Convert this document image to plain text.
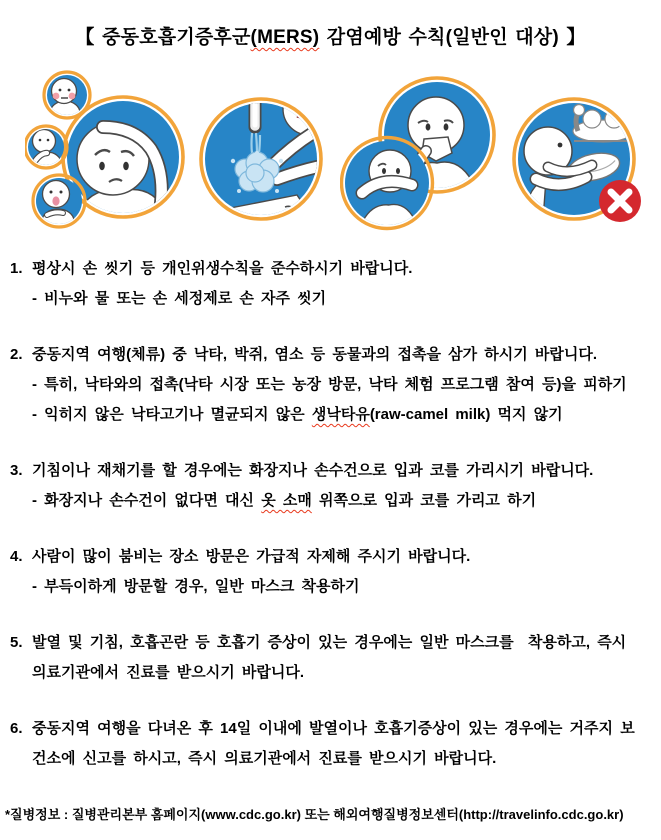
【 중동호흡기증후군(MERS) 감염예방 수칙(일반인 대상) 】
1. 평상시 손 씻기 등 개인위생수칙을 준수하시기 바랍니다.
- 비누와 물 또는 손 세정제로 손 자주 씻기
2. 중동지역 여행(체류) 중 낙타, 박쥐, 염소 등 동물과의 접촉을 삼가 하시기 바랍니다.
- 특히, 낙타와의 접촉(낙타 시장 또는 농장 방문, 낙타 체험 프로그램 참여 등)을 피하기
- 익히지 않은 낙타고기나 멸균되지 않은 생낙타유(raw-camel milk) 먹지 않기
3. 기침이나 재채기를 할 경우에는 화장지나 손수건으로 입과 코를 가리시기 바랍니다.
- 화장지나 손수건이 없다면 대신 옷 소매 위쪽으로 입과 코를 가리고 하기
4. 사람이 많이 붐비는 장소 방문은 가급적 자제해 주시기 바랍니다.
- 부득이하게 방문할 경우, 일반 마스크 착용하기
5. 발열 및 기침, 호흡곤란 등 호흡기 증상이 있는 경우에는 일반 마스크를  착용하고, 즉시
의료기관에서 진료를 받으시기 바랍니다.
6. 중동지역 여행을 다녀온 후 14일 이내에 발열이나 호흡기증상이 있는 경우에는 거주지 보
건소에 신고를 하시고, 즉시 의료기관에서 진료를 받으시기 바랍니다.
*질병정보 : 질병관리본부 홈페이지(www.cdc.go.kr) 또는 해외여행질병정보센터(http://travelinfo.cdc.go.kr)
